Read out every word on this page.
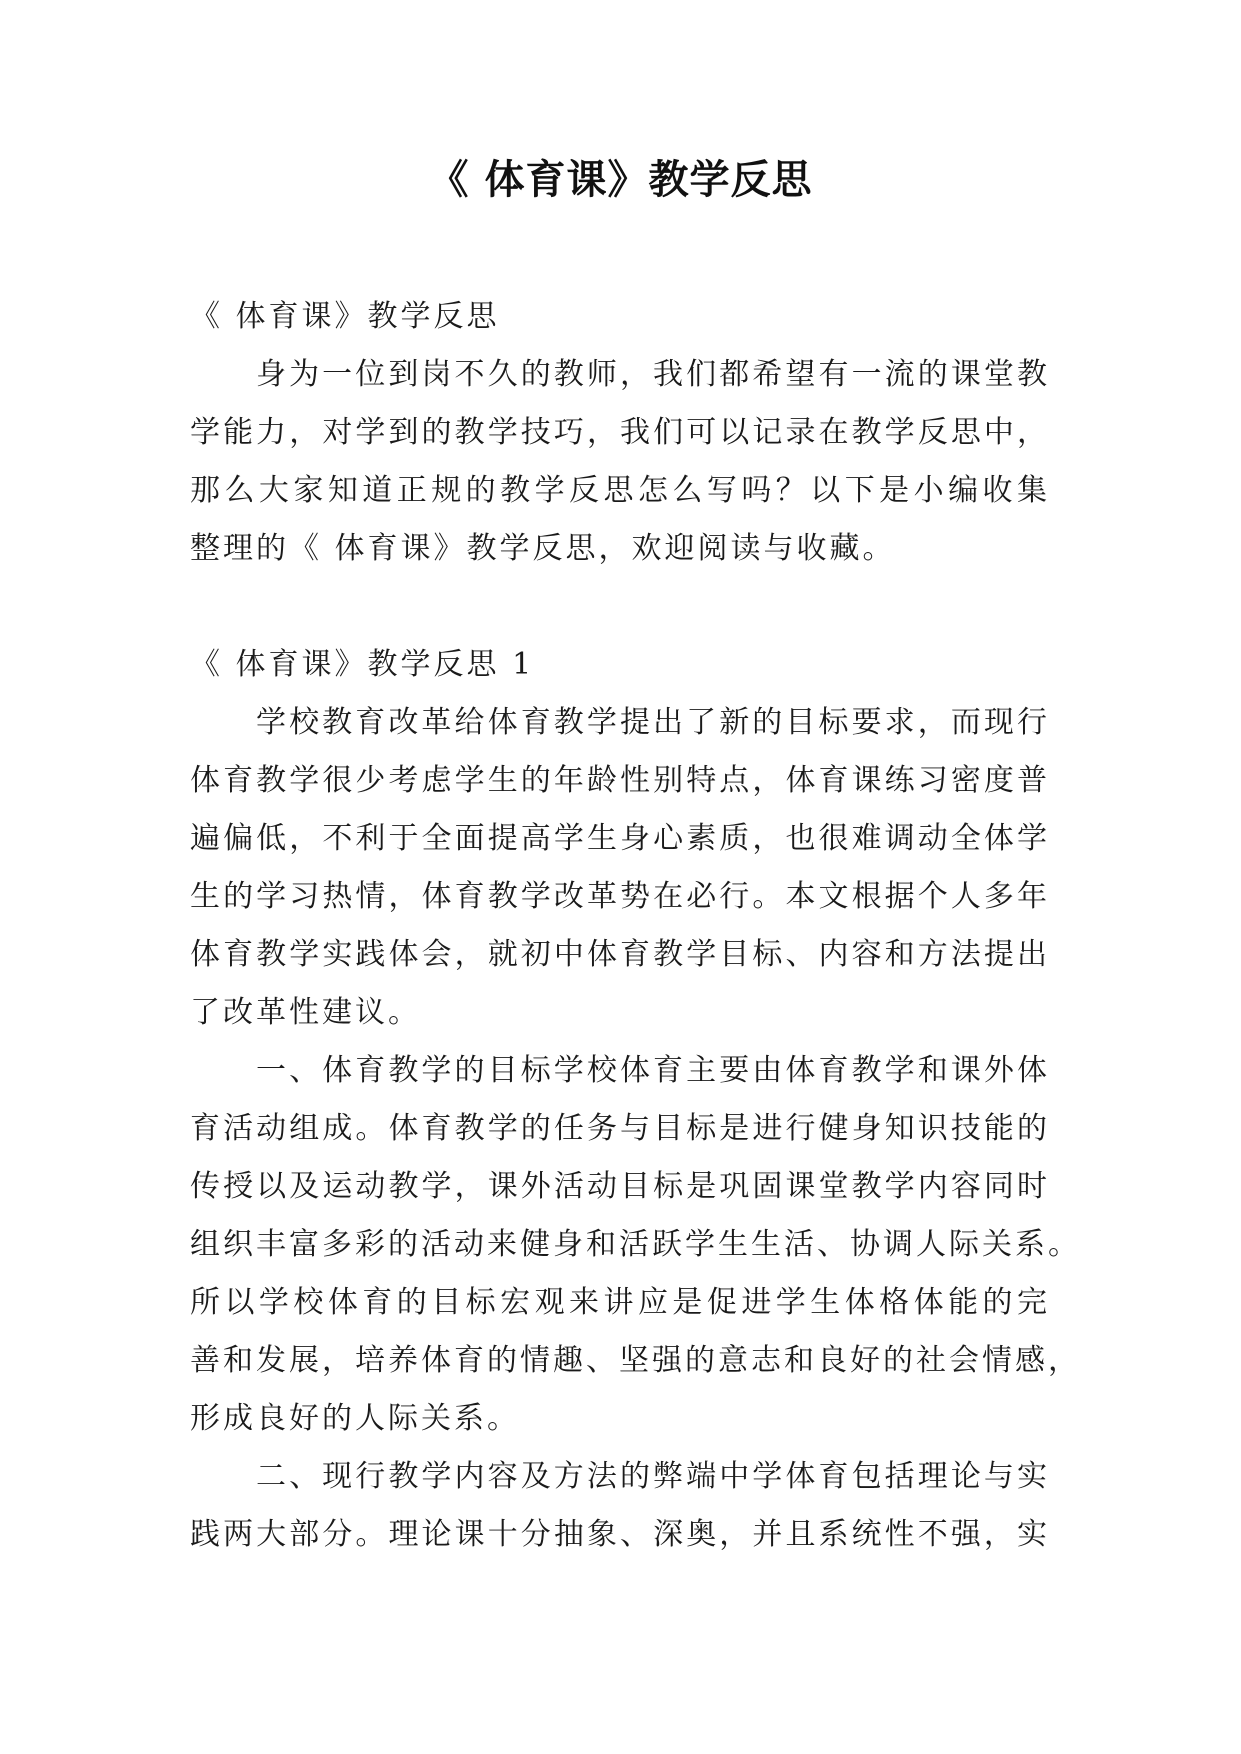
《 体育课》教学反思
《 体育课》教学反思
身为一位到岗不久的教师，我们都希望有一流的课堂教
学能力，对学到的教学技巧，我们可以记录在教学反思中，
那么大家知道正规的教学反思怎么写吗？以下是小编收集
整理的《 体育课》教学反思，欢迎阅读与收藏。
《 体育课》教学反思 1
学校教育改革给体育教学提出了新的目标要求，而现行
体育教学很少考虑学生的年龄性别特点，体育课练习密度普
遍偏低，不利于全面提高学生身心素质，也很难调动全体学
生的学习热情，体育教学改革势在必行。本文根据个人多年
体育教学实践体会，就初中体育教学目标、内容和方法提出
了改革性建议。
一、体育教学的目标学校体育主要由体育教学和课外体
育活动组成。体育教学的任务与目标是进行健身知识技能的
传授以及运动教学，课外活动目标是巩固课堂教学内容同时
组织丰富多彩的活动来健身和活跃学生生活、协调人际关系。
所以学校体育的目标宏观来讲应是促进学生体格体能的完
善和发展，培养体育的情趣、坚强的意志和良好的社会情感，
形成良好的人际关系。
二、现行教学内容及方法的弊端中学体育包括理论与实
践两大部分。理论课十分抽象、深奥，并且系统性不强，实
